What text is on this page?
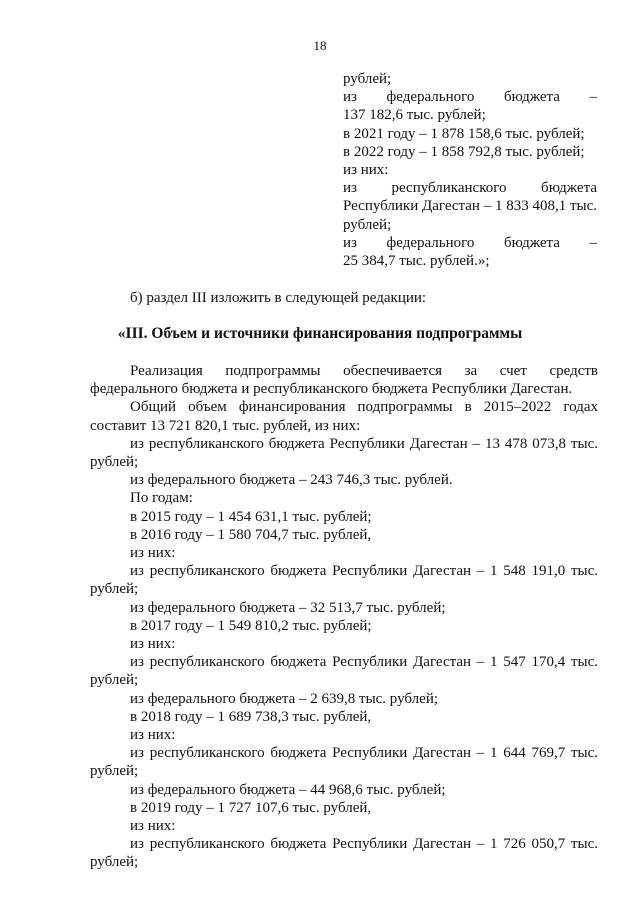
18
рублей;
из федерального бюджета –
137 182,6 тыс. рублей;
в 2021 году – 1 878 158,6 тыс. рублей;
в 2022 году – 1 858 792,8 тыс. рублей;
из них:
из республиканского бюджета
Республики Дагестан – 1 833 408,1 тыс.
рублей;
из федерального бюджета –
25 384,7 тыс. рублей.»;
б) раздел III изложить в следующей редакции:
«III. Объем и источники финансирования подпрограммы
Реализация подпрограммы обеспечивается за счет средств
федерального бюджета и республиканского бюджета Республики Дагестан.
Общий объем финансирования подпрограммы в 2015–2022 годах
составит 13 721 820,1 тыс. рублей, из них:
из республиканского бюджета Республики Дагестан – 13 478 073,8 тыс.
рублей;
из федерального бюджета – 243 746,3 тыс. рублей.
По годам:
в 2015 году – 1 454 631,1 тыс. рублей;
в 2016 году – 1 580 704,7 тыс. рублей,
из них:
из республиканского бюджета Республики Дагестан – 1 548 191,0 тыс.
рублей;
из федерального бюджета – 32 513,7 тыс. рублей;
в 2017 году – 1 549 810,2 тыс. рублей;
из них:
из республиканского бюджета Республики Дагестан – 1 547 170,4 тыс.
рублей;
из федерального бюджета – 2 639,8 тыс. рублей;
в 2018 году – 1 689 738,3 тыс. рублей,
из них:
из республиканского бюджета Республики Дагестан – 1 644 769,7 тыс.
рублей;
из федерального бюджета – 44 968,6 тыс. рублей;
в 2019 году – 1 727 107,6 тыс. рублей,
из них:
из республиканского бюджета Республики Дагестан – 1 726 050,7 тыс.
рублей;
